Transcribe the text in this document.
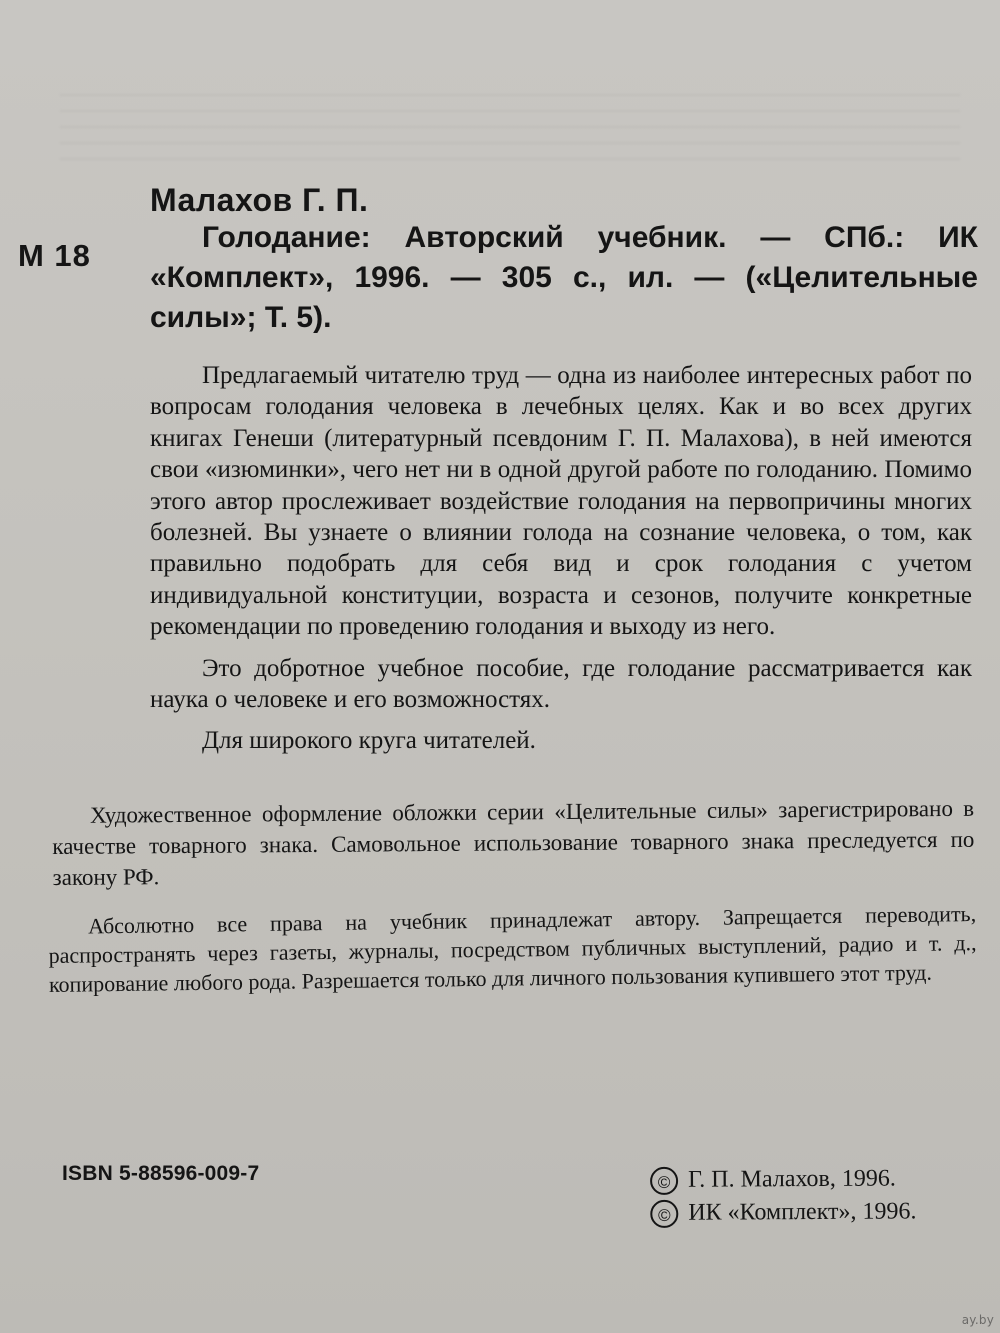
М 18
Малахов Г. П.
Голодание: Авторский учебник. — СПб.: ИК «Комплект», 1996. — 305 с., ил. — («Целительные силы»; Т. 5).

Предлагаемый читателю труд — одна из наиболее интересных работ по вопросам голодания человека в лечебных целях. Как и во всех других книгах Генеши (литературный псевдоним Г. П. Малахова), в ней имеются свои «изюминки», чего нет ни в одной другой работе по голоданию. Помимо этого автор прослеживает воздействие голодания на первопричины многих болезней. Вы узнаете о влиянии голода на сознание человека, о том, как правильно подобрать для себя вид и срок голодания с учетом индивидуальной конституции, возраста и сезонов, получите конкретные рекомендации по проведению голодания и выходу из него.

Это добротное учебное пособие, где голодание рассматривается как наука о человеке и его возможностях.

Для широкого круга читателей.

Художественное оформление обложки серии «Целительные силы» зарегистрировано в качестве товарного знака. Самовольное использование товарного знака преследуется по закону РФ.
Абсолютно все права на учебник принадлежат автору. Запрещается переводить, распространять через газеты, журналы, посредством публичных выступлений, радио и т. д., копирование любого рода. Разрешается только для личного пользования купившего этот труд.
ISBN 5-88596-009-7	© Г. П. Малахов, 1996.
© ИК «Комплект», 1996.
ay.by
